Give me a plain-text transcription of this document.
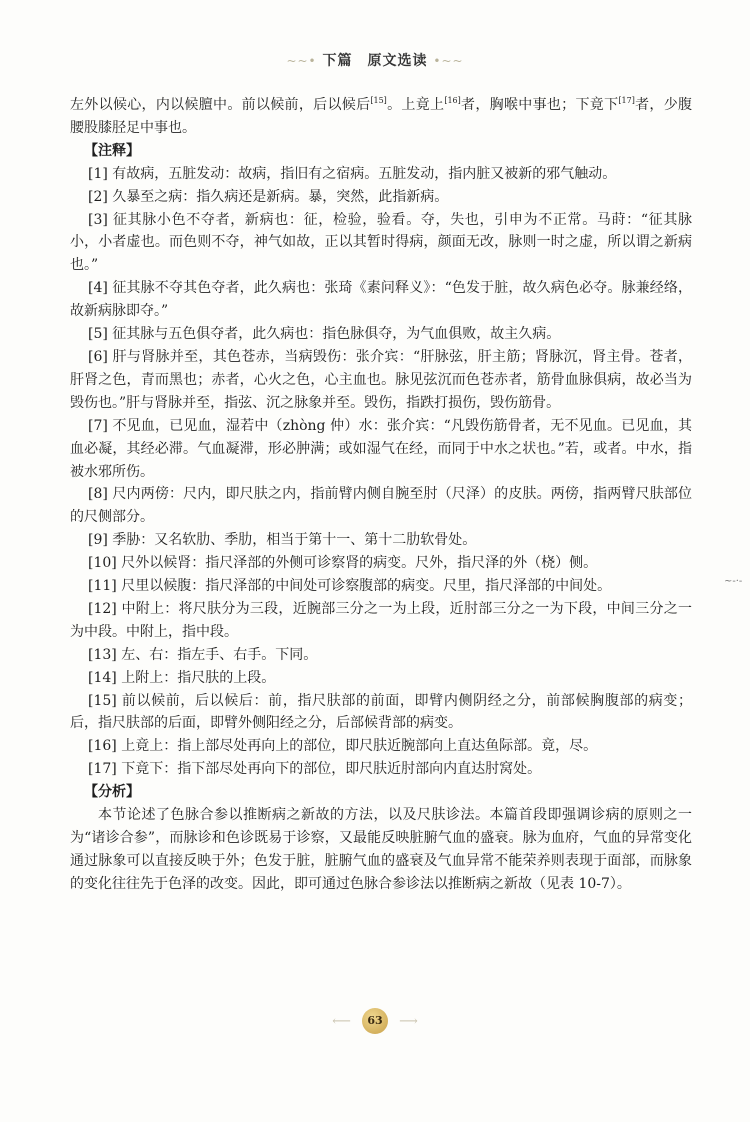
~~• 下篇　原文选读 •~~

左外以候心，内以候膻中。前以候前，后以候后[15]。上竟上[16]者，胸喉中事也；下竟下[17]者，少腹腰股膝胫足中事也。

【注释】

[1] 有故病，五脏发动：故病，指旧有之宿病。五脏发动，指内脏又被新的邪气触动。

[2] 久暴至之病：指久病还是新病。暴，突然，此指新病。

[3] 征其脉小色不夺者，新病也：征，检验，验看。夺，失也，引申为不正常。马莳：“征其脉小，小者虚也。而色则不夺，神气如故，正以其暂时得病，颜面无改，脉则一时之虚，所以谓之新病也。”

[4] 征其脉不夺其色夺者，此久病也：张琦《素问释义》：“色发于脏，故久病色必夺。脉兼经络，故新病脉即夺。”

[5] 征其脉与五色俱夺者，此久病也：指色脉俱夺，为气血俱败，故主久病。

[6] 肝与肾脉并至，其色苍赤，当病毁伤：张介宾：“肝脉弦，肝主筋；肾脉沉，肾主骨。苍者，肝肾之色，青而黑也；赤者，心火之色，心主血也。脉见弦沉而色苍赤者，筋骨血脉俱病，故必当为毁伤也。”肝与肾脉并至，指弦、沉之脉象并至。毁伤，指跌打损伤，毁伤筋骨。

[7] 不见血，已见血，湿若中（zhòng 仲）水：张介宾：“凡毁伤筋骨者，无不见血。已见血，其血必凝，其经必滞。气血凝滞，形必肿满；或如湿气在经，而同于中水之状也。”若，或者。中水，指被水邪所伤。

[8] 尺内两傍：尺内，即尺肤之内，指前臂内侧自腕至肘（尺泽）的皮肤。两傍，指两臂尺肤部位的尺侧部分。

[9] 季胁：又名软肋、季肋，相当于第十一、第十二肋软骨处。

[10] 尺外以候肾：指尺泽部的外侧可诊察肾的病变。尺外，指尺泽的外（桡）侧。

[11] 尺里以候腹：指尺泽部的中间处可诊察腹部的病变。尺里，指尺泽部的中间处。

[12] 中附上：将尺肤分为三段，近腕部三分之一为上段，近肘部三分之一为下段，中间三分之一为中段。中附上，指中段。

[13] 左、右：指左手、右手。下同。

[14] 上附上：指尺肤的上段。

[15] 前以候前，后以候后：前，指尺肤部的前面，即臂内侧阴经之分，前部候胸腹部的病变；后，指尺肤部的后面，即臂外侧阳经之分，后部候背部的病变。

[16] 上竟上：指上部尽处再向上的部位，即尺肤近腕部向上直达鱼际部。竟，尽。

[17] 下竟下：指下部尽处再向下的部位，即尺肤近肘部向内直达肘窝处。

【分析】

本节论述了色脉合参以推断病之新故的方法，以及尺肤诊法。本篇首段即强调诊病的原则之一为“诸诊合参”，而脉诊和色诊既易于诊察，又最能反映脏腑气血的盛衰。脉为血府，气血的异常变化通过脉象可以直接反映于外；色发于脏，脏腑气血的盛衰及气血异常不能荣养则表现于面部，而脉象的变化往往先于色泽的改变。因此，即可通过色脉合参诊法以推断病之新故（见表 10-7）。

~-·-
⟵ 63 ⟶
